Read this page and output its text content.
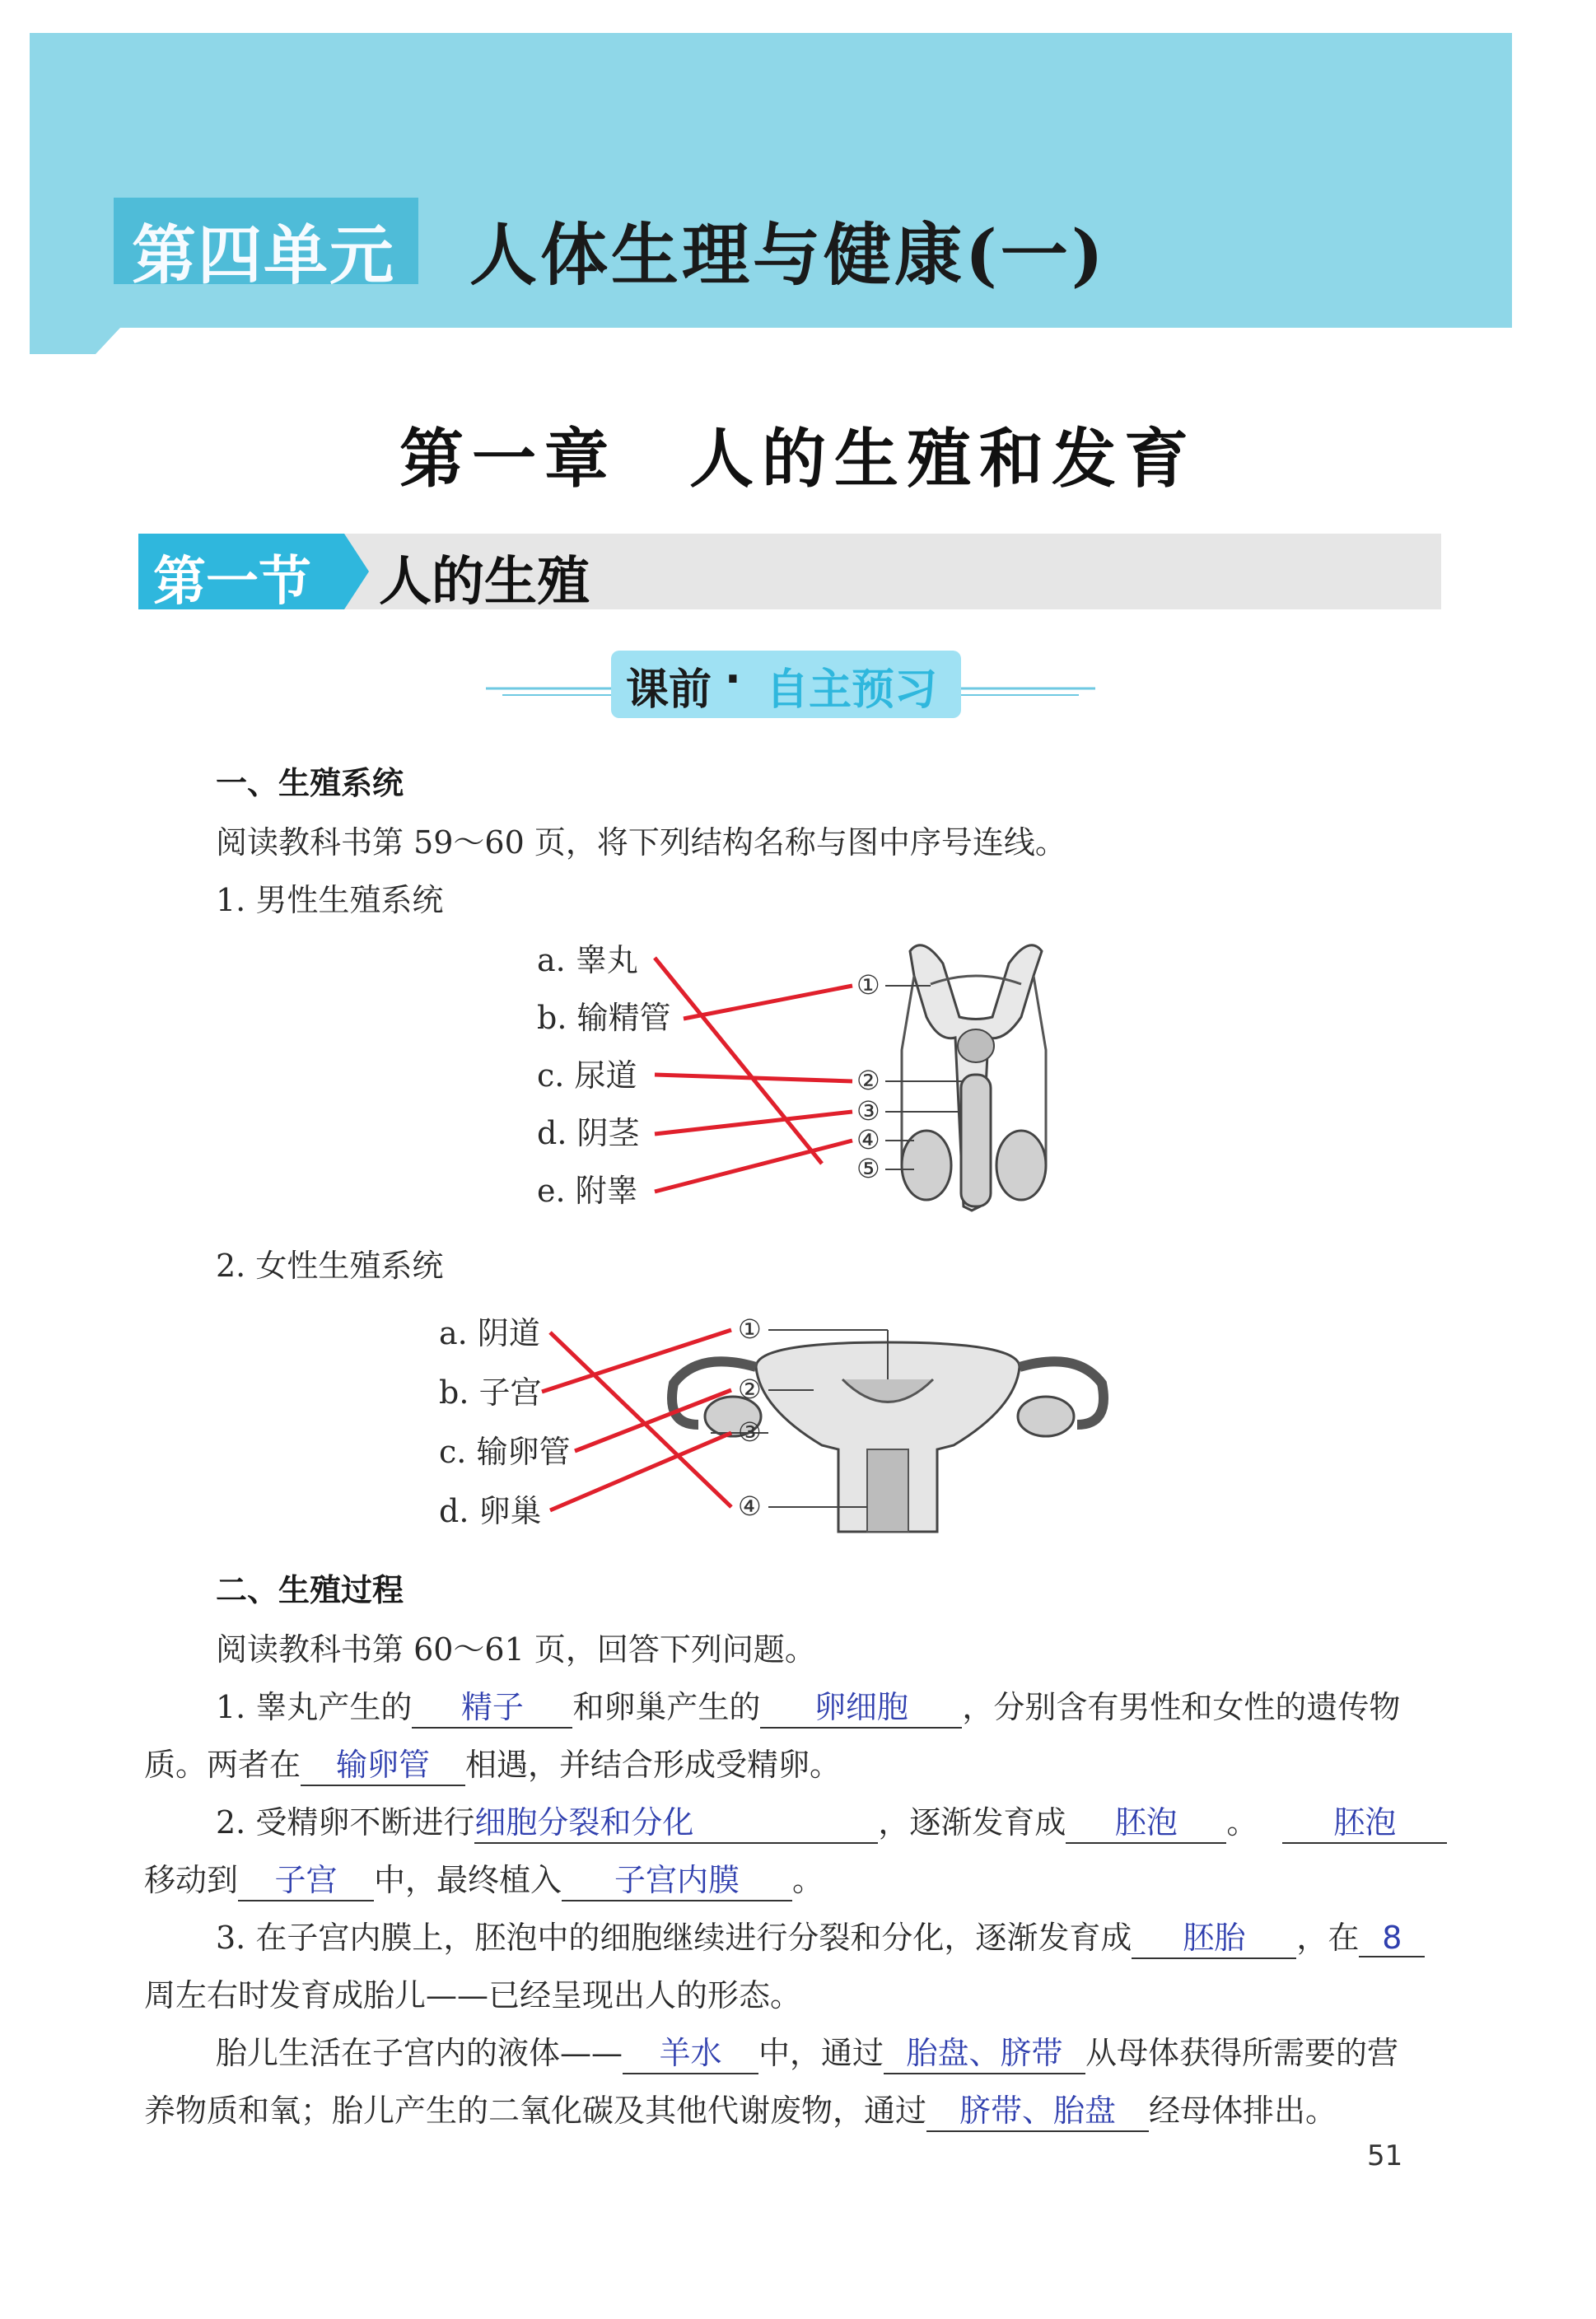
第四单元 人体生理与健康(一)
第一章　人的生殖和发育
第一节 人的生殖
课前 · 自主预习
一、生殖系统
阅读教科书第 59～60 页，将下列结构名称与图中序号连线。
1. 男性生殖系统
a. 睾丸
b. 输精管
c. 尿道
d. 阴茎
e. 附睾
①
②
③
④
⑤
2. 女性生殖系统
a. 阴道
b. 子宫
c. 输卵管
d. 卵巢
①
②
③
④
二、生殖过程
阅读教科书第 60～61 页，回答下列问题。
1. 睾丸产生的 精子 和卵巢产生的 卵细胞 ，分别含有男性和女性的遗传物
质。两者在 输卵管 相遇，并结合形成受精卵。
2. 受精卵不断进行细胞分裂和分化	，逐渐发育成 胚泡 。 胚泡
移动到 子宫 中，最终植入 子宫内膜 。
3. 在子宫内膜上，胚泡中的细胞继续进行分裂和分化，逐渐发育成 胚胎 ，在 8
周左右时发育成胎儿——已经呈现出人的形态。
胎儿生活在子宫内的液体—— 羊水 中，通过 胎盘、脐带 从母体获得所需要的营
养物质和氧；胎儿产生的二氧化碳及其他代谢废物，通过 脐带、胎盘 经母体排出。
51
